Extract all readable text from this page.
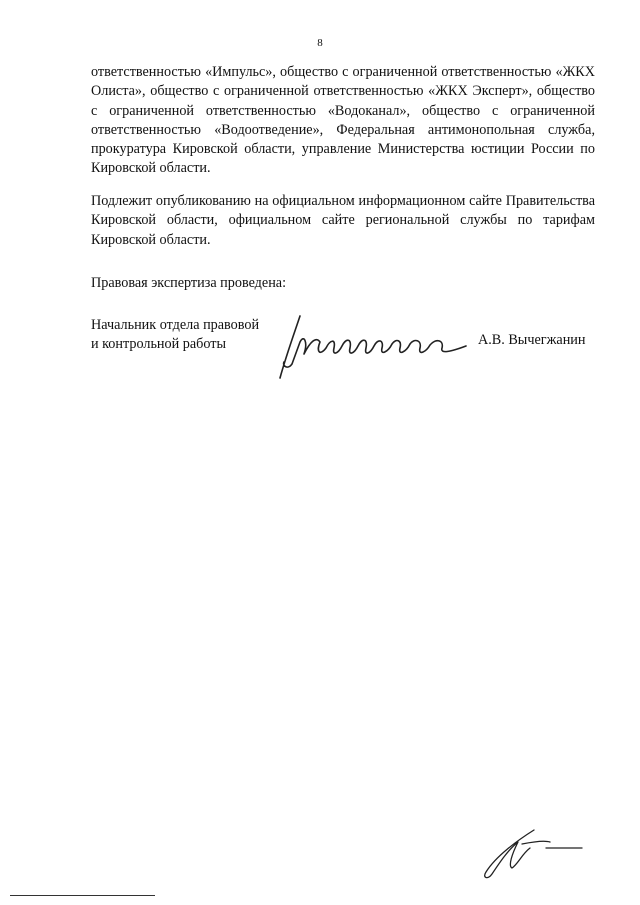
8

ответственностью «Импульс», общество с ограниченной ответственностью «ЖКХ Олиста», общество с ограниченной ответственностью «ЖКХ Эксперт», общество с ограниченной ответственностью «Водоканал», общество с ограниченной ответственностью «Водоотведение», Федеральная антимонопольная служба, прокуратура Кировской области, управление Министерства юстиции России по Кировской области.

Подлежит опубликованию на официальном информационном сайте Правительства Кировской области, официальном сайте региональной службы по тарифам Кировской области.

Правовая экспертиза проведена:

Начальник отдела правовой
и контрольной работы	А.В. Вычегжанин
